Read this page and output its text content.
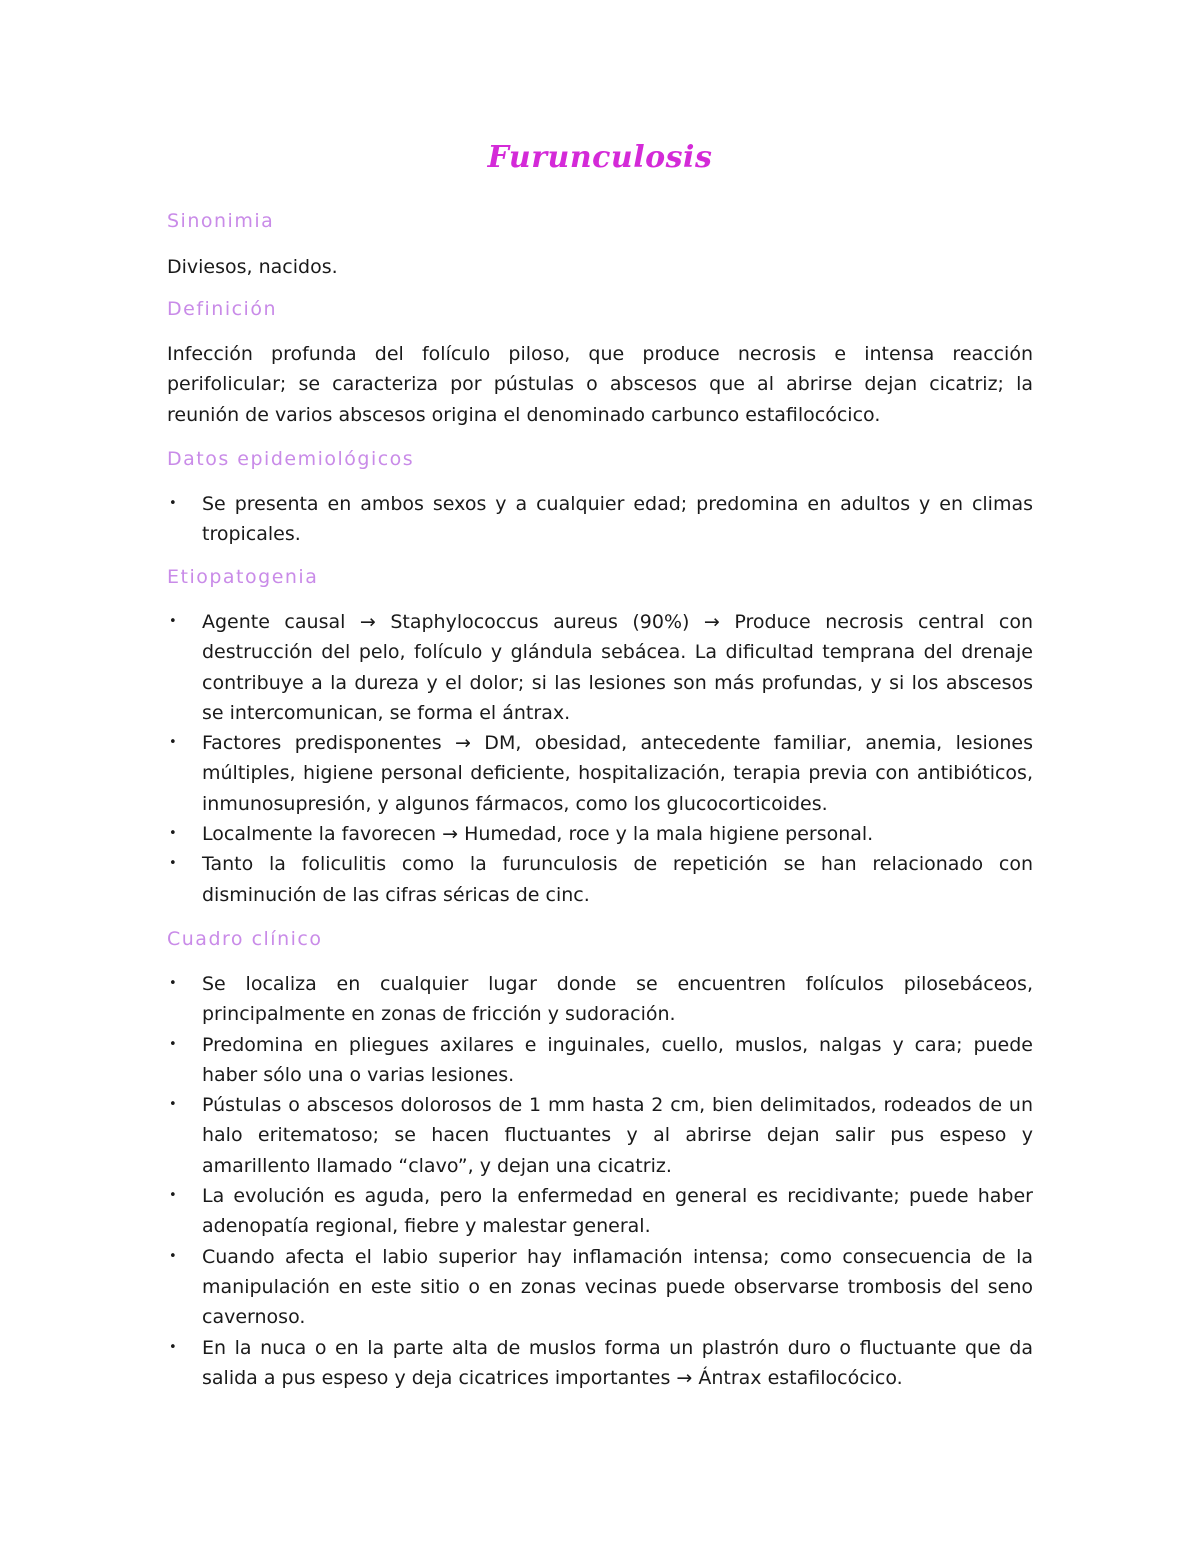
Furunculosis
Sinonimia

Diviesos, nacidos.

Definición

Infección profunda del folículo piloso, que produce necrosis e intensa reacción perifolicular; se caracteriza por pústulas o abscesos que al abrirse dejan cicatriz; la reunión de varios abscesos origina el denominado carbunco estafilocócico.

Datos epidemiológicos
• Se presenta en ambos sexos y a cualquier edad; predomina en adultos y en climas tropicales.
Etiopatogenia
• Agente causal → Staphylococcus aureus (90%) → Produce necrosis central con destrucción del pelo, folículo y glándula sebácea. La dificultad temprana del drenaje contribuye a la dureza y el dolor; si las lesiones son más profundas, y si los abscesos se intercomunican, se forma el ántrax.
• Factores predisponentes → DM, obesidad, antecedente familiar, anemia, lesiones múltiples, higiene personal deficiente, hospitalización, terapia previa con antibióticos, inmunosupresión, y algunos fármacos, como los glucocorticoides.
• Localmente la favorecen → Humedad, roce y la mala higiene personal.
• Tanto la foliculitis como la furunculosis de repetición se han relacionado con disminución de las cifras séricas de cinc.
Cuadro clínico
• Se localiza en cualquier lugar donde se encuentren folículos pilosebáceos, principalmente en zonas de fricción y sudoración.
• Predomina en pliegues axilares e inguinales, cuello, muslos, nalgas y cara; puede haber sólo una o varias lesiones.
• Pústulas o abscesos dolorosos de 1 mm hasta 2 cm, bien delimitados, rodeados de un halo eritematoso; se hacen fluctuantes y al abrirse dejan salir pus espeso y amarillento llamado “clavo”, y dejan una cicatriz.
• La evolución es aguda, pero la enfermedad en general es recidivante; puede haber adenopatía regional, fiebre y malestar general.
• Cuando afecta el labio superior hay inflamación intensa; como consecuencia de la manipulación en este sitio o en zonas vecinas puede observarse trombosis del seno cavernoso.
• En la nuca o en la parte alta de muslos forma un plastrón duro o fluctuante que da salida a pus espeso y deja cicatrices importantes → Ántrax estafilocócico.
